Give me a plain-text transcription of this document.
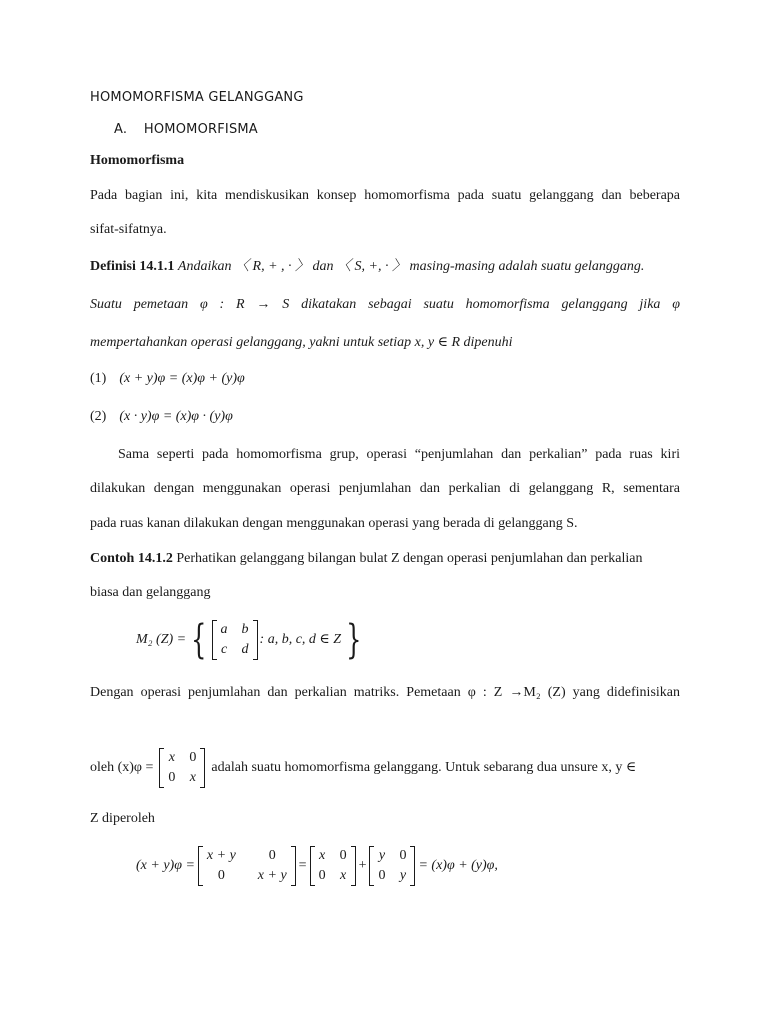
HOMOMORFISMA GELANGGANG
A. HOMOMORFISMA
Homomorfisma
Pada bagian ini, kita mendiskusikan konsep homomorfisma pada suatu gelanggang dan beberapa
sifat-sifatnya.
Definisi 14.1.1 Andaikan 〈 R, + , · 〉 dan 〈 S, +, · 〉 masing-masing adalah suatu gelanggang.
Suatu pemetaan φ : R → S dikatakan sebagai suatu homomorfisma gelanggang jika φ
mempertahankan operasi gelanggang, yakni untuk setiap x, y ∈ R dipenuhi
(1) (x + y)φ = (x)φ + (y)φ
(2) (x · y)φ = (x)φ · (y)φ
Sama seperti pada homomorfisma grup, operasi “penjumlahan dan perkalian” pada ruas kiri
dilakukan dengan menggunakan operasi penjumlahan dan perkalian di gelanggang R, sementara
pada ruas kanan dilakukan dengan menggunakan operasi yang berada di gelanggang S.
Contoh 14.1.2 Perhatikan gelanggang bilangan bulat Z dengan operasi penjumlahan dan perkalian
biasa dan gelanggang
M₂ (Z) = { a b
c d
: a, b, c, d ∈ Z }
Dengan operasi penjumlahan dan perkalian matriks. Pemetaan φ : Z →M₂ (Z) yang didefinisikan
oleh (x)φ =
x 0
0 x
adalah suatu homomorfisma gelanggang. Untuk sebarang dua unsure x, y ∈
Z diperoleh
(x + y)φ =
x + y	0
0	x + y
=
x 0
0 x
+
y 0
0 y
= (x)φ + (y)φ,
